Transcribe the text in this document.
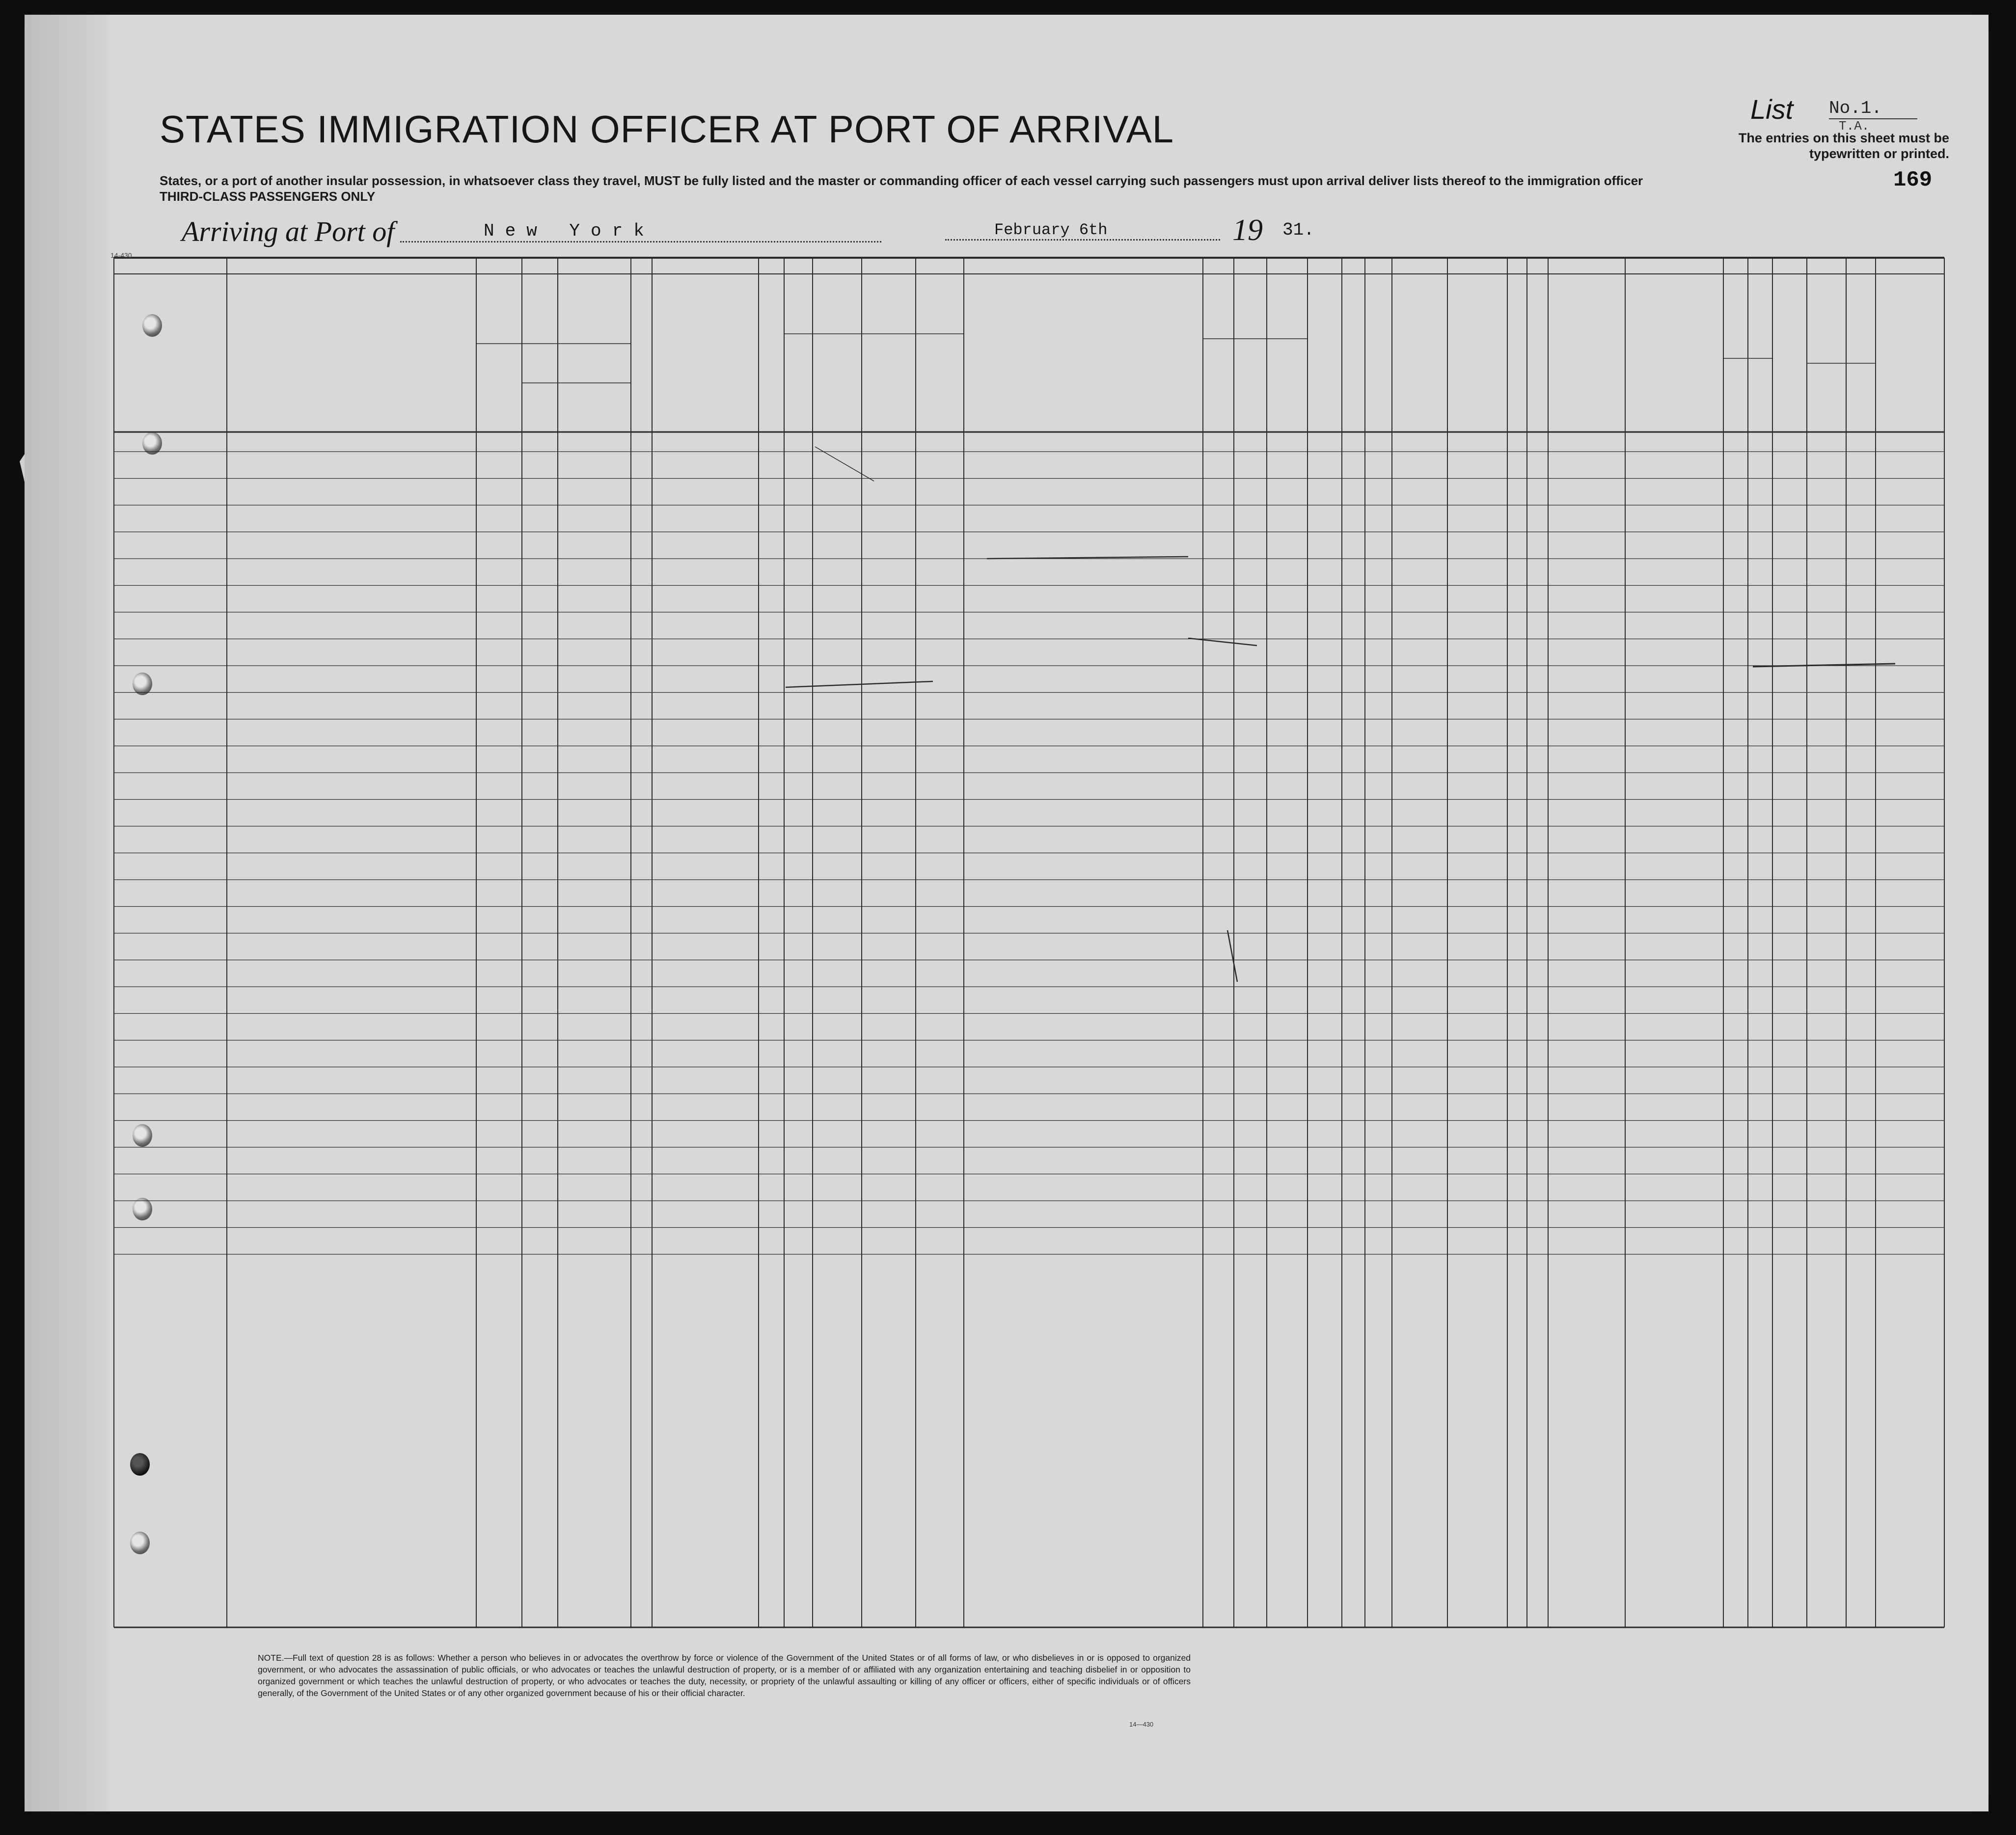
STATES IMMIGRATION OFFICER AT PORT OF ARRIVAL
States, or a port of another insular possession, in whatsoever class they travel, MUST be fully listed and the master or commanding officer of each vessel carrying such passengers must upon arrival deliver lists thereof to the immigration officer
THIRD-CLASS PASSENGERS ONLY
List No.1.
T.A.
The entries on this sheet must be typewritten or printed.
169
Arriving at Port of	New York	February 6th	19 31.
14-430
NOTE.—Full text of question 28 is as follows: Whether a person who believes in or advocates the overthrow by force or violence of the Government of the United States or of all forms of law, or who disbelieves in or is opposed to organized government, or who advocates the assassination of public officials, or who advocates or teaches the unlawful destruction of property, or is a member of or affiliated with any organization entertaining and teaching disbelief in or opposition to organized government or which teaches the unlawful destruction of property, or who advocates or teaches the duty, necessity, or propriety of the unlawful assaulting or killing of any officer or officers, either of specific individuals or of officers generally, of the Government of the United States or of any other organized government because of his or their official character.
14—430
